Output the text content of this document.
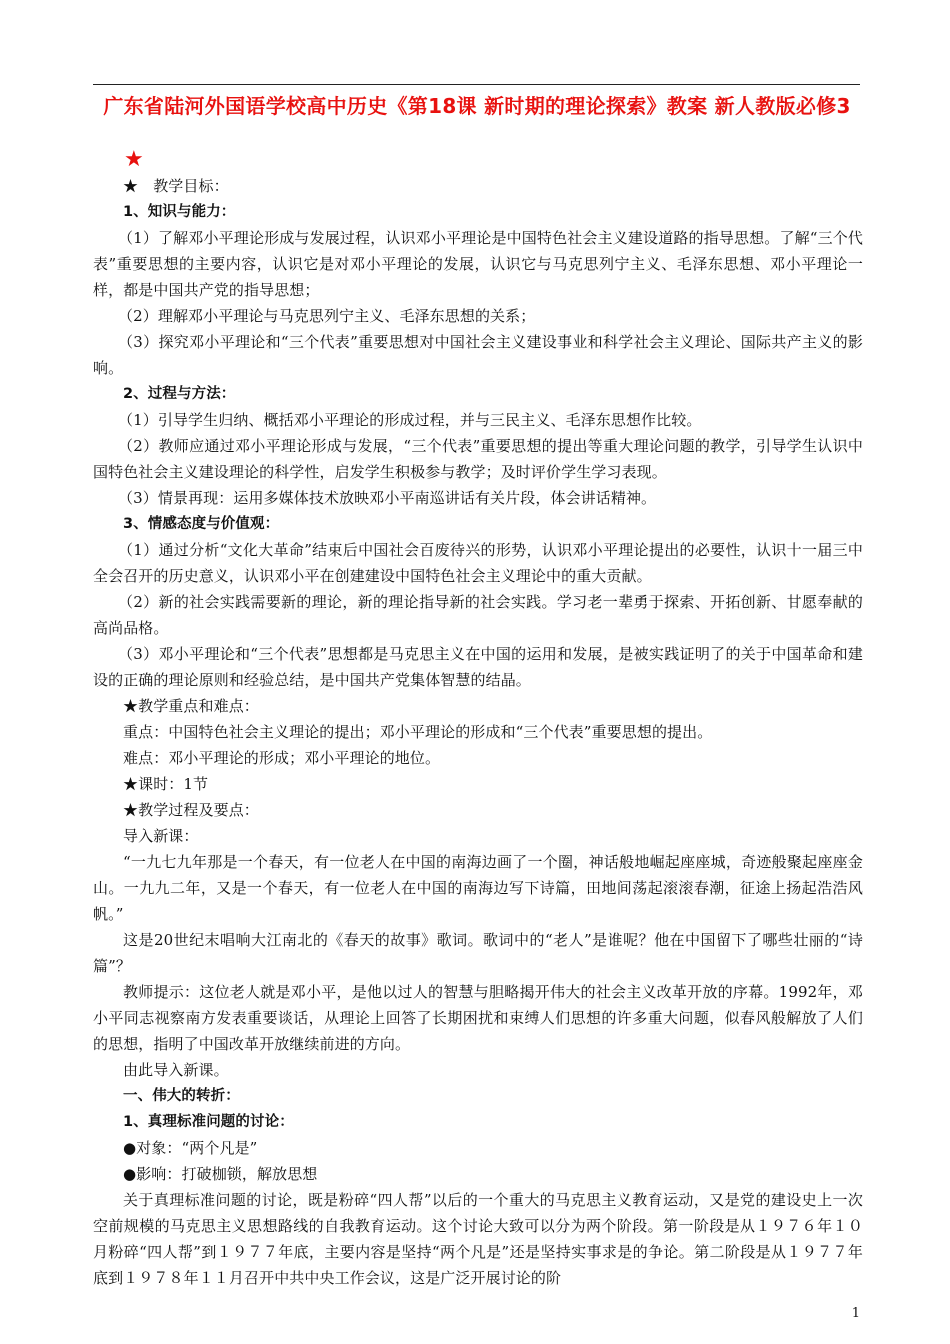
广东省陆河外国语学校高中历史《第18课 新时期的理论探索》教案 新人教版必修3
★

★　教学目标：

1、知识与能力：

（1）了解邓小平理论形成与发展过程，认识邓小平理论是中国特色社会主义建设道路的指导思想。了解“三个代表”重要思想的主要内容，认识它是对邓小平理论的发展，认识它与马克思列宁主义、毛泽东思想、邓小平理论一样，都是中国共产党的指导思想；

（2）理解邓小平理论与马克思列宁主义、毛泽东思想的关系；

（3）探究邓小平理论和“三个代表”重要思想对中国社会主义建设事业和科学社会主义理论、国际共产主义的影响。

2、过程与方法：

（1）引导学生归纳、概括邓小平理论的形成过程，并与三民主义、毛泽东思想作比较。

（2）教师应通过邓小平理论形成与发展，“三个代表”重要思想的提出等重大理论问题的教学，引导学生认识中国特色社会主义建设理论的科学性，启发学生积极参与教学；及时评价学生学习表现。

（3）情景再现：运用多媒体技术放映邓小平南巡讲话有关片段，体会讲话精神。

3、情感态度与价值观：

（1）通过分析“文化大革命”结束后中国社会百废待兴的形势，认识邓小平理论提出的必要性，认识十一届三中全会召开的历史意义，认识邓小平在创建建设中国特色社会主义理论中的重大贡献。

（2）新的社会实践需要新的理论，新的理论指导新的社会实践。学习老一辈勇于探索、开拓创新、甘愿奉献的高尚品格。

（3）邓小平理论和“三个代表”思想都是马克思主义在中国的运用和发展，是被实践证明了的关于中国革命和建设的正确的理论原则和经验总结，是中国共产党集体智慧的结晶。

★教学重点和难点：

重点：中国特色社会主义理论的提出；邓小平理论的形成和“三个代表”重要思想的提出。

难点：邓小平理论的形成；邓小平理论的地位。

★课时：1节

★教学过程及要点：

导入新课：

“一九七九年那是一个春天，有一位老人在中国的南海边画了一个圈，神话般地崛起座座城，奇迹般聚起座座金山。一九九二年，又是一个春天，有一位老人在中国的南海边写下诗篇，田地间荡起滚滚春潮，征途上扬起浩浩风帆。”

这是20世纪末唱响大江南北的《春天的故事》歌词。歌词中的“老人”是谁呢？他在中国留下了哪些壮丽的“诗篇”？

教师提示：这位老人就是邓小平，是他以过人的智慧与胆略揭开伟大的社会主义改革开放的序幕。1992年，邓小平同志视察南方发表重要谈话，从理论上回答了长期困扰和束缚人们思想的许多重大问题，似春风般解放了人们的思想，指明了中国改革开放继续前进的方向。

由此导入新课。

一、伟大的转折：

1、真理标准问题的讨论：

●对象：“两个凡是”

●影响：打破枷锁，解放思想

关于真理标准问题的讨论，既是粉碎“四人帮”以后的一个重大的马克思主义教育运动，又是党的建设史上一次空前规模的马克思主义思想路线的自我教育运动。这个讨论大致可以分为两个阶段。第一阶段是从１９７６年１０月粉碎“四人帮”到１９７７年底，主要内容是坚持“两个凡是”还是坚持实事求是的争论。第二阶段是从１９７７年底到１９７８年１１月召开中共中央工作会议，这是广泛开展讨论的阶

1
